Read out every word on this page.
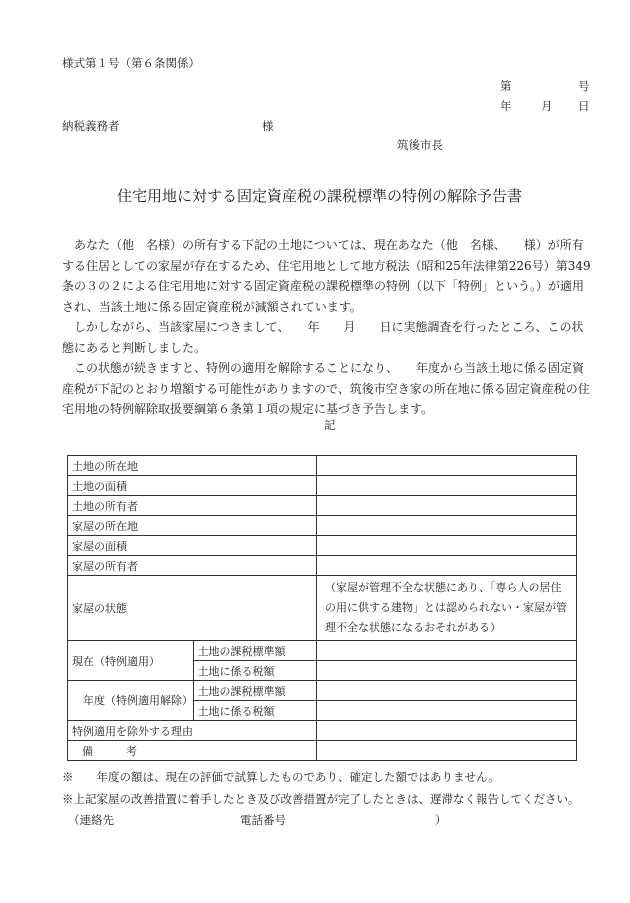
様式第１号（第６条関係）
第	号
年	月 日
納税義務者	様
筑後市長
住宅用地に対する固定資産税の課税標準の特例の解除予告書

あなた（他　名様）の所有する下記の土地については、現在あなた（他　名様、　　様）が所有する住居としての家屋が存在するため、住宅用地として地方税法（昭和25年法律第226号）第349条の３の２による住宅用地に対する固定資産税の課税標準の特例（以下「特例」という。）が適用され、当該土地に係る固定資産税が減額されています。

しかしながら、当該家屋につきまして、　　年　　月　　日に実態調査を行ったところ、この状態にあると判断しました。

この状態が続きますと、特例の適用を解除することになり、　　年度から当該土地に係る固定資産税が下記のとおり増額する可能性がありますので、筑後市空き家の所在地に係る固定資産税の住宅用地の特例解除取扱要綱第６条第１項の規定に基づき予告します。

記
土地の所在地		
土地の面積		
土地の所有者		
家屋の所在地		
家屋の面積		
家屋の所有者		
家屋の状態		（家屋が管理不全な状態にあり、「専ら人の居住の用に供する建物」とは認められない・家屋が管理不全な状態になるおそれがある）
現在（特例適用）	土地の課税標準額	
	土地に係る税額	
　年度（特例適用解除）	土地の課税標準額	
	土地に係る税額	
特例適用を除外する理由		
備　　　考		
※　　年度の額は、現在の評価で試算したものであり、確定した額ではありません。
※上記家屋の改善措置に着手したとき及び改善措置が完了したときは、遅滞なく報告してください。
（連絡先	電話番号	）
